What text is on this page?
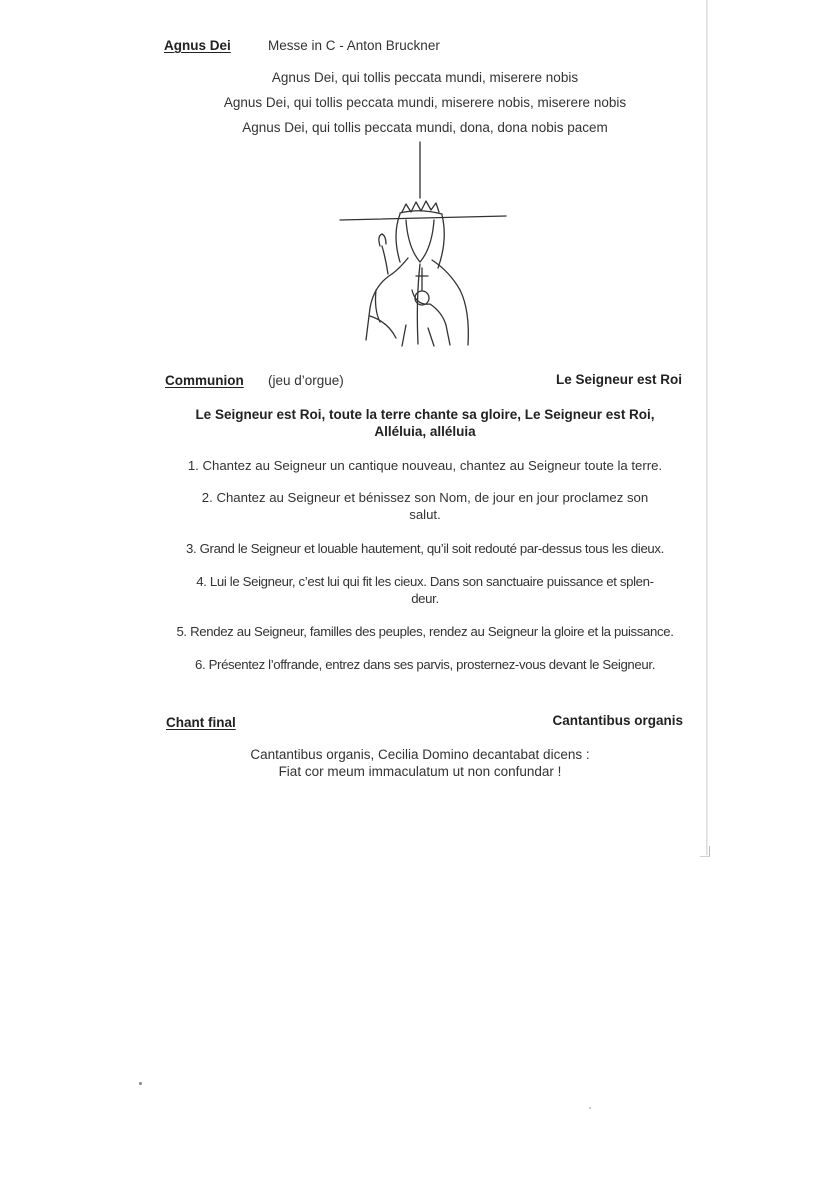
Agnus Dei	Messe in C - Anton Bruckner
Agnus Dei, qui tollis peccata mundi, miserere nobis
Agnus Dei, qui tollis peccata mundi, miserere nobis, miserere nobis
Agnus Dei, qui tollis peccata mundi, dona, dona nobis pacem
Communion (jeu d’orgue)	Le Seigneur est Roi
Le Seigneur est Roi, toute la terre chante sa gloire, Le Seigneur est Roi,
Alléluia, alléluia
1. Chantez au Seigneur un cantique nouveau, chantez au Seigneur toute la terre.
2. Chantez au Seigneur et bénissez son Nom, de jour en jour proclamez son
salut.
3. Grand le Seigneur et louable hautement, qu’il soit redouté par-dessus tous les dieux.
4. Lui le Seigneur, c’est lui qui fit les cieux. Dans son sanctuaire puissance et splen-
deur.
5. Rendez au Seigneur, familles des peuples, rendez au Seigneur la gloire et la puissance.
6. Présentez l’offrande, entrez dans ses parvis, prosternez-vous devant le Seigneur.
Chant final	Cantantibus organis
Cantantibus organis, Cecilia Domino decantabat dicens :
Fiat cor meum immaculatum ut non confundar !
